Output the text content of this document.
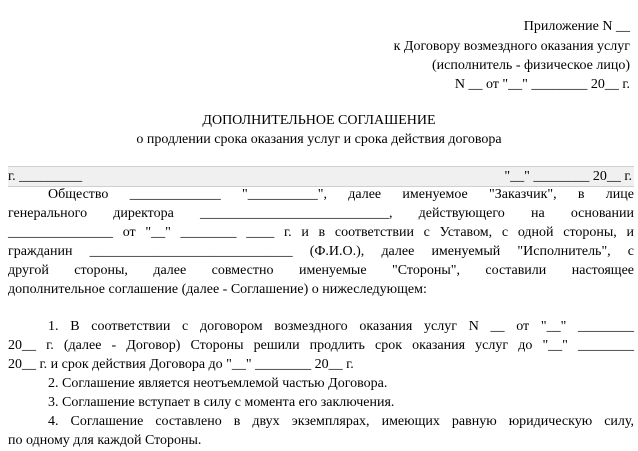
Приложение N __
к Договору возмездного оказания услуг
(исполнитель - физическое лицо)
N __ от "__" ________ 20__ г.
ДОПОЛНИТЕЛЬНОЕ СОГЛАШЕНИЕ
о продлении срока оказания услуг и срока действия договора
г. _________	"__" ________ 20__ г.
Общество _____________ "__________", далее именуемое "Заказчик", в лице
генерального директора ___________________________, действующего на основании
_______________ от "__" ________ ____ г. и в соответствии с Уставом, с одной стороны, и
гражданин _____________________________ (Ф.И.О.), далее именуемый "Исполнитель", с
другой стороны, далее совместно именуемые "Стороны", составили настоящее
дополнительное соглашение (далее - Соглашение) о нижеследующем:
1. В соответствии с договором возмездного оказания услуг N __ от "__" ________
20__ г. (далее - Договор) Стороны решили продлить срок оказания услуг до "__" ________
20__ г. и срок действия Договора до "__" ________ 20__ г.
2. Соглашение является неотъемлемой частью Договора.
3. Соглашение вступает в силу с момента его заключения.
4. Соглашение составлено в двух экземплярах, имеющих равную юридическую силу,
по одному для каждой Стороны.
